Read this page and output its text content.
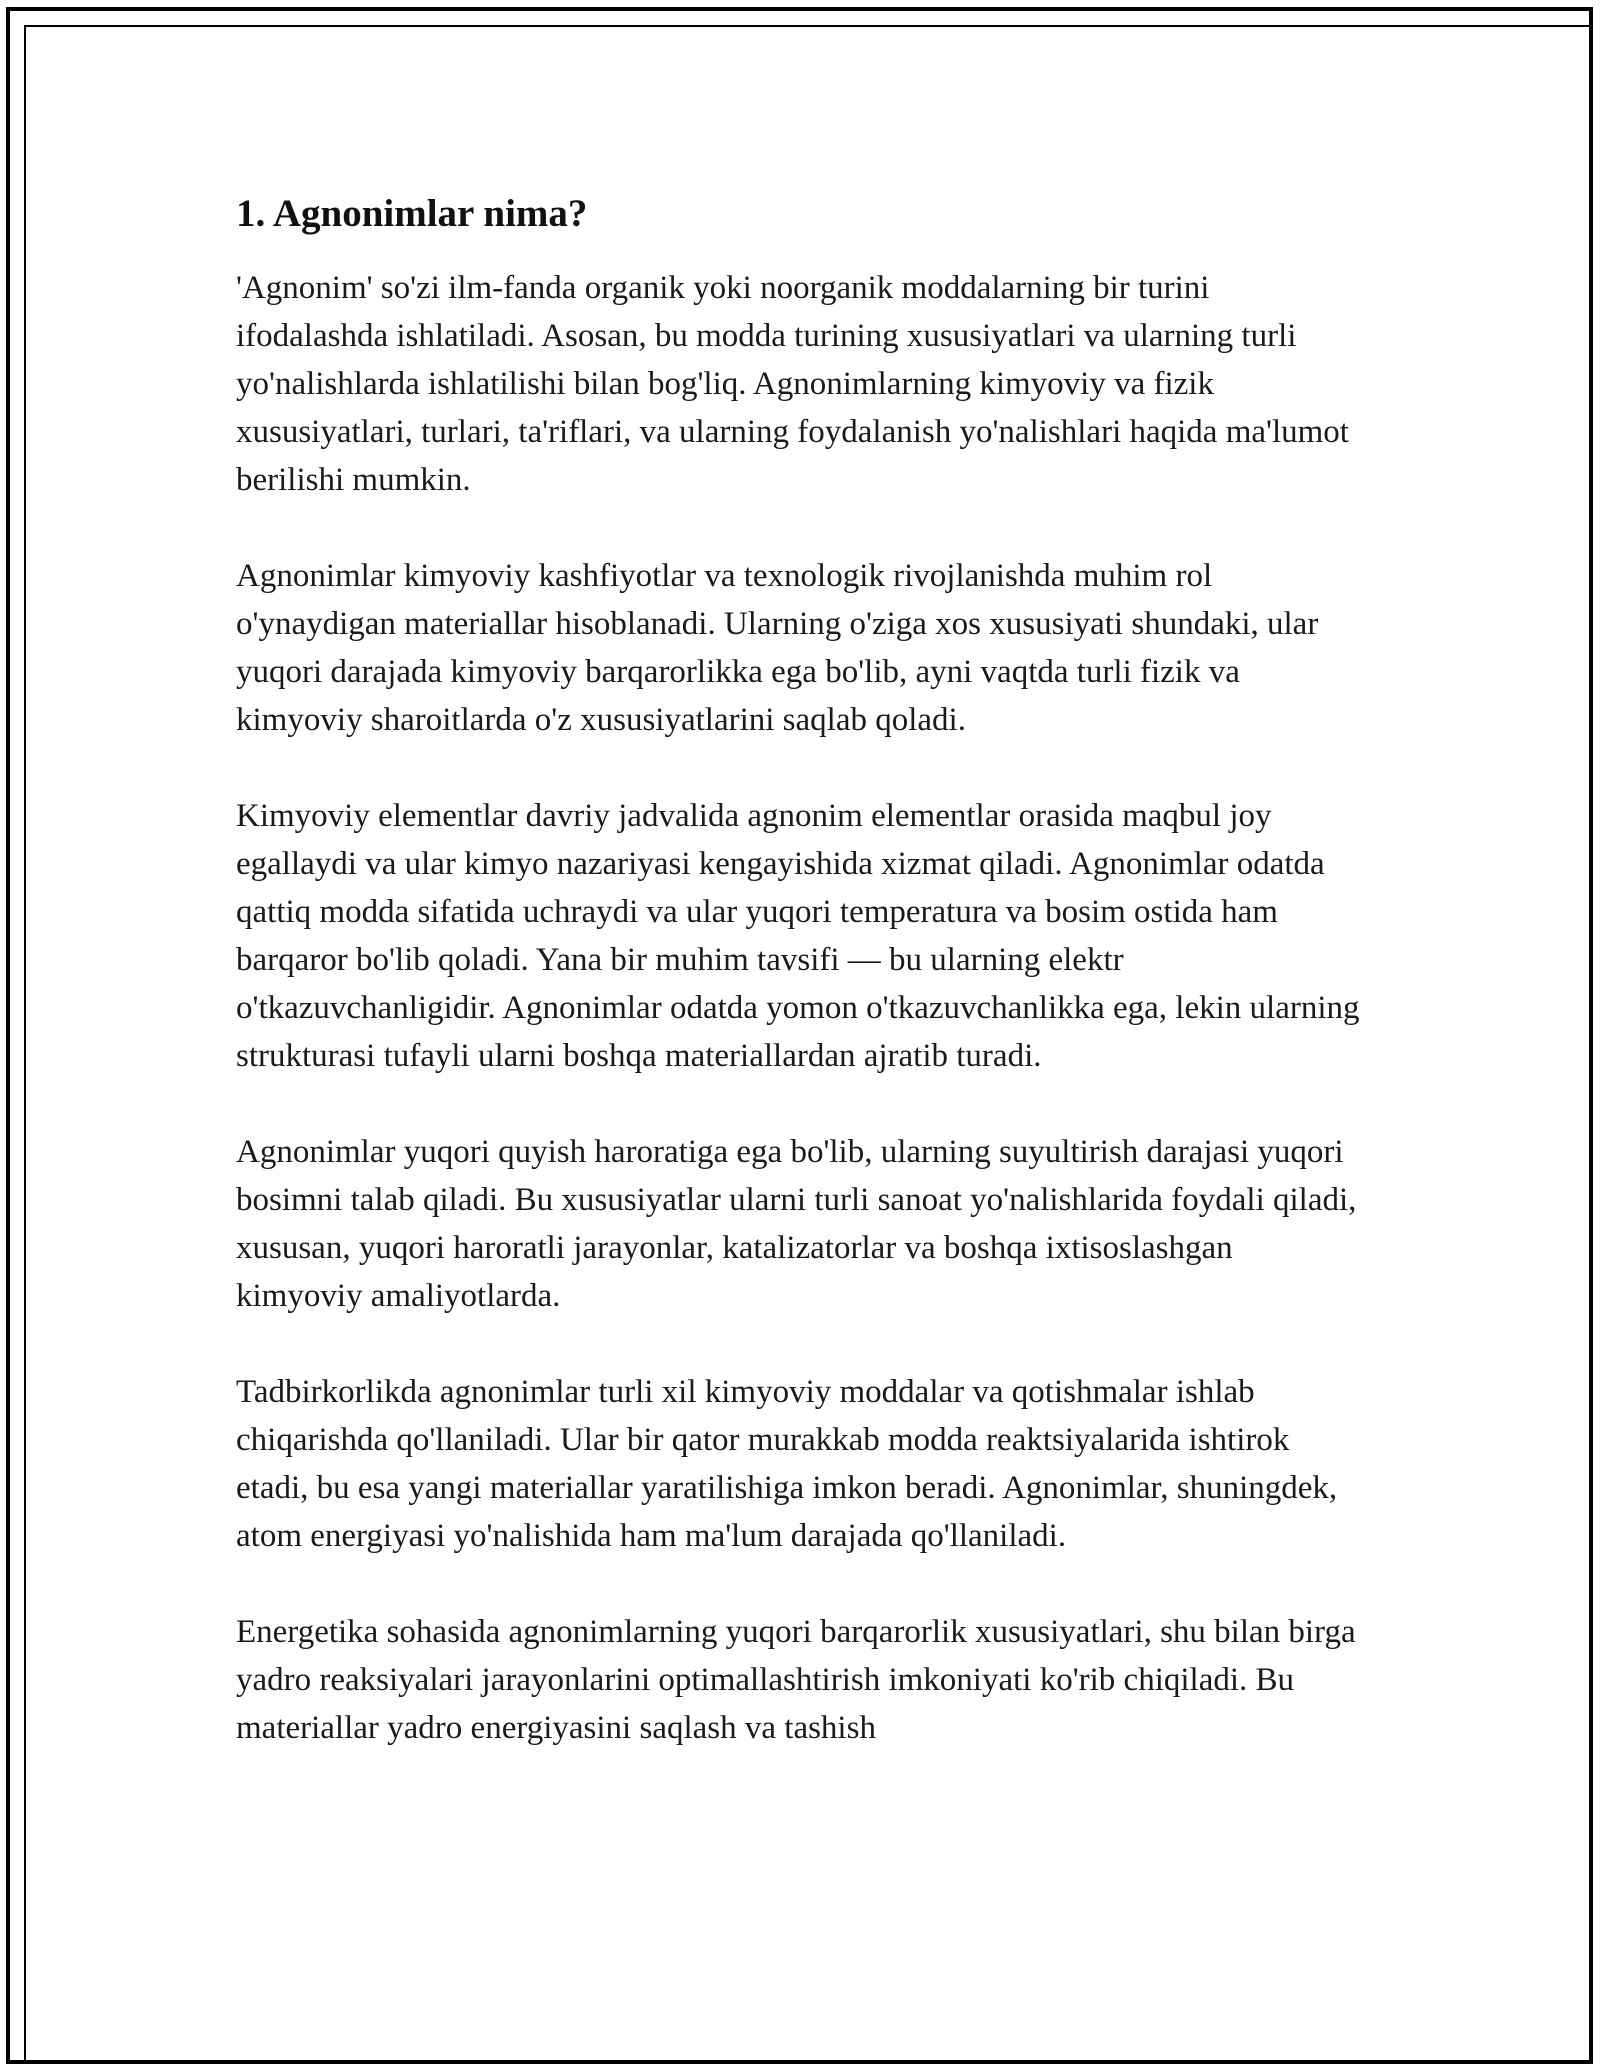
1. Agnonimlar nima?

'Agnonim' so'zi ilm-fanda organik yoki noorganik moddalarning bir turini ifodalashda ishlatiladi. Asosan, bu modda turining xususiyatlari va ularning turli yo'nalishlarda ishlatilishi bilan bog'liq. Agnonimlarning kimyoviy va fizik xususiyatlari, turlari, ta'riflari, va ularning foydalanish yo'nalishlari haqida ma'lumot berilishi mumkin.

Agnonimlar kimyoviy kashfiyotlar va texnologik rivojlanishda muhim rol o'ynaydigan materiallar hisoblanadi. Ularning o'ziga xos xususiyati shundaki, ular yuqori darajada kimyoviy barqarorlikka ega bo'lib, ayni vaqtda turli fizik va kimyoviy sharoitlarda o'z xususiyatlarini saqlab qoladi.

Kimyoviy elementlar davriy jadvalida agnonim elementlar orasida maqbul joy egallaydi va ular kimyo nazariyasi kengayishida xizmat qiladi. Agnonimlar odatda qattiq modda sifatida uchraydi va ular yuqori temperatura va bosim ostida ham barqaror bo'lib qoladi. Yana bir muhim tavsifi — bu ularning elektr o'tkazuvchanligidir. Agnonimlar odatda yomon o'tkazuvchanlikka ega, lekin ularning strukturasi tufayli ularni boshqa materiallardan ajratib turadi.

Agnonimlar yuqori quyish haroratiga ega bo'lib, ularning suyultirish darajasi yuqori bosimni talab qiladi. Bu xususiyatlar ularni turli sanoat yo'nalishlarida foydali qiladi, xususan, yuqori haroratli jarayonlar, katalizatorlar va boshqa ixtisoslashgan kimyoviy amaliyotlarda.

Tadbirkorlikda agnonimlar turli xil kimyoviy moddalar va qotishmalar ishlab chiqarishda qo'llaniladi. Ular bir qator murakkab modda reaktsiyalarida ishtirok etadi, bu esa yangi materiallar yaratilishiga imkon beradi. Agnonimlar, shuningdek, atom energiyasi yo'nalishida ham ma'lum darajada qo'llaniladi.

Energetika sohasida agnonimlarning yuqori barqarorlik xususiyatlari, shu bilan birga yadro reaksiyalari jarayonlarini optimallashtirish imkoniyati ko'rib chiqiladi. Bu materiallar yadro energiyasini saqlash va tashish
